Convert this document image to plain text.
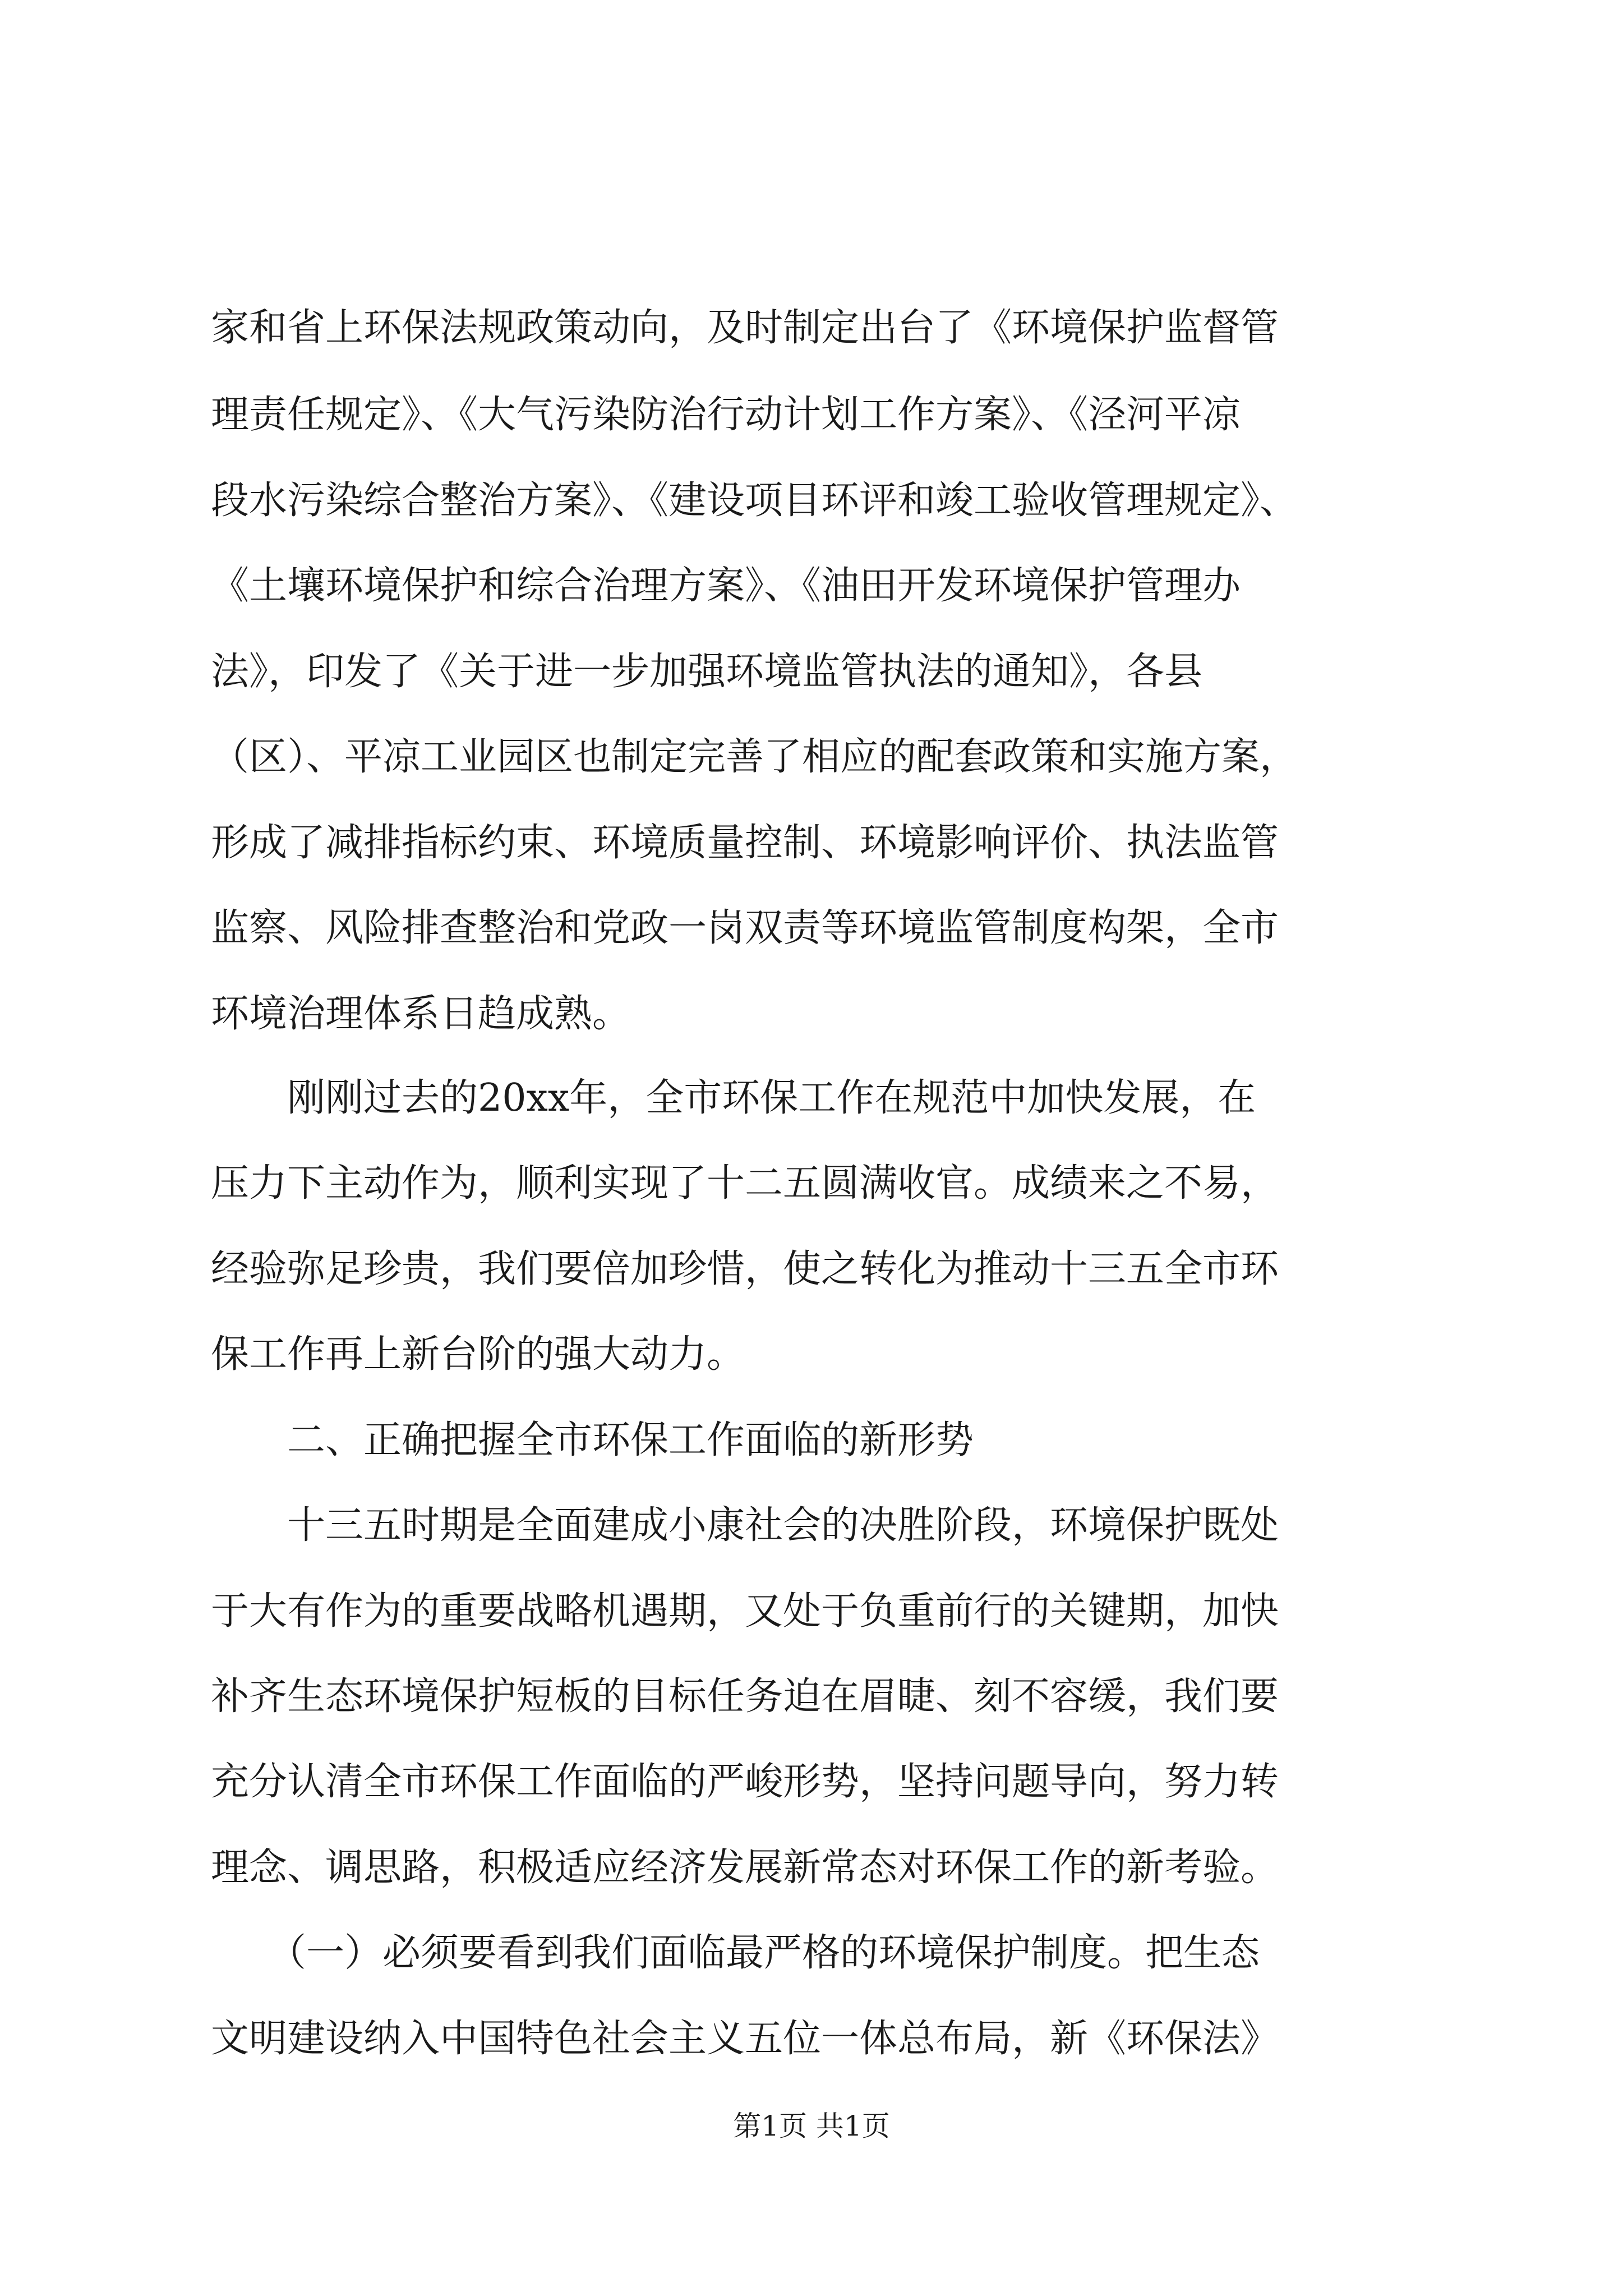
家和省上环保法规政策动向，及时制定出台了《环境保护监督管
理责任规定》、《大气污染防治行动计划工作方案》、《泾河平凉
段水污染综合整治方案》、《建设项目环评和竣工验收管理规定》、
《土壤环境保护和综合治理方案》、《油田开发环境保护管理办
法》，印发了《关于进一步加强环境监管执法的通知》，各县
（区）、平凉工业园区也制定完善了相应的配套政策和实施方案，
形成了减排指标约束、环境质量控制、环境影响评价、执法监管
监察、风险排查整治和党政一岗双责等环境监管制度构架，全市
环境治理体系日趋成熟。
　　刚刚过去的20xx年，全市环保工作在规范中加快发展，在
压力下主动作为，顺利实现了十二五圆满收官。成绩来之不易，
经验弥足珍贵，我们要倍加珍惜，使之转化为推动十三五全市环
保工作再上新台阶的强大动力。
　　二、正确把握全市环保工作面临的新形势
　　十三五时期是全面建成小康社会的决胜阶段，环境保护既处
于大有作为的重要战略机遇期，又处于负重前行的关键期，加快
补齐生态环境保护短板的目标任务迫在眉睫、刻不容缓，我们要
充分认清全市环保工作面临的严峻形势，坚持问题导向，努力转
理念、调思路，积极适应经济发展新常态对环保工作的新考验。
　　（一）必须要看到我们面临最严格的环境保护制度。把生态
文明建设纳入中国特色社会主义五位一体总布局，新《环保法》
第1页 共1页
